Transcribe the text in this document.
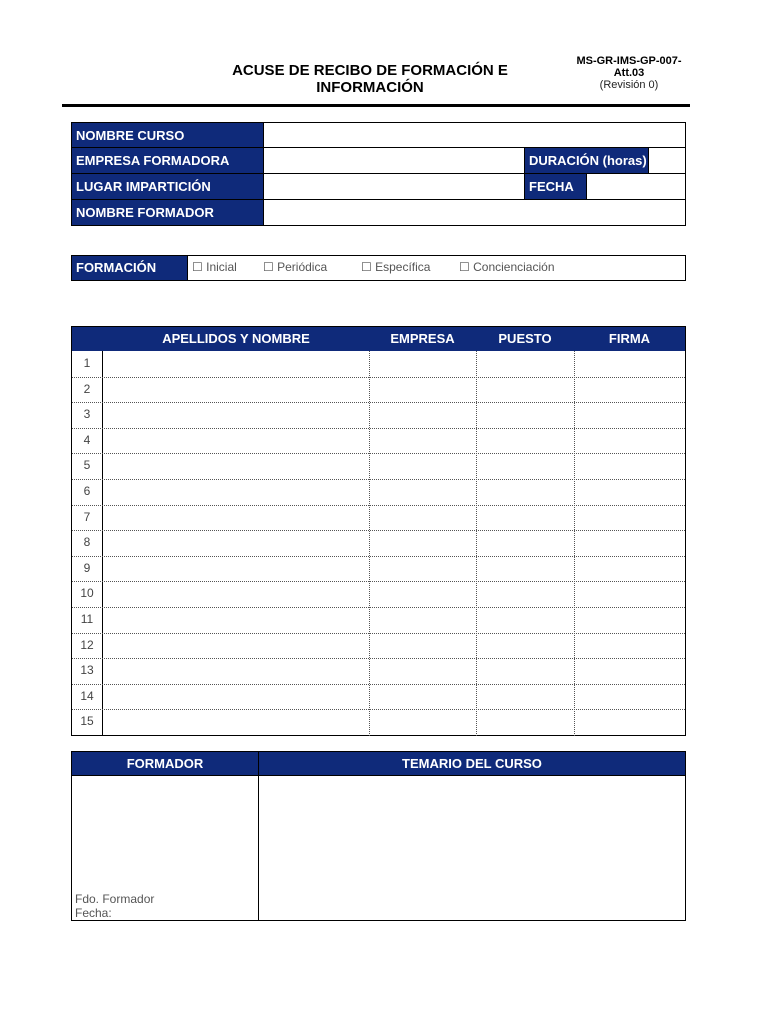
ACUSE DE RECIBO DE FORMACIÓN E
INFORMACIÓN
MS-GR-IMS-GP-007-
Att.03
(Revisión 0)
NOMBRE CURSO
EMPRESA FORMADORA	DURACIÓN (horas)
LUGAR IMPARTICIÓN	FECHA
NOMBRE FORMADOR
FORMACIÓN	☐ Inicial ☐ Periódica	☐ Específica ☐ Concienciación
APELLIDOS Y NOMBRE	EMPRESA	PUESTO	FIRMA
1
2
3
4
5
6
7
8
9
10
11
12
13
14
15
FORMADOR	TEMARIO DEL CURSO
Fdo. Formador
Fecha:
